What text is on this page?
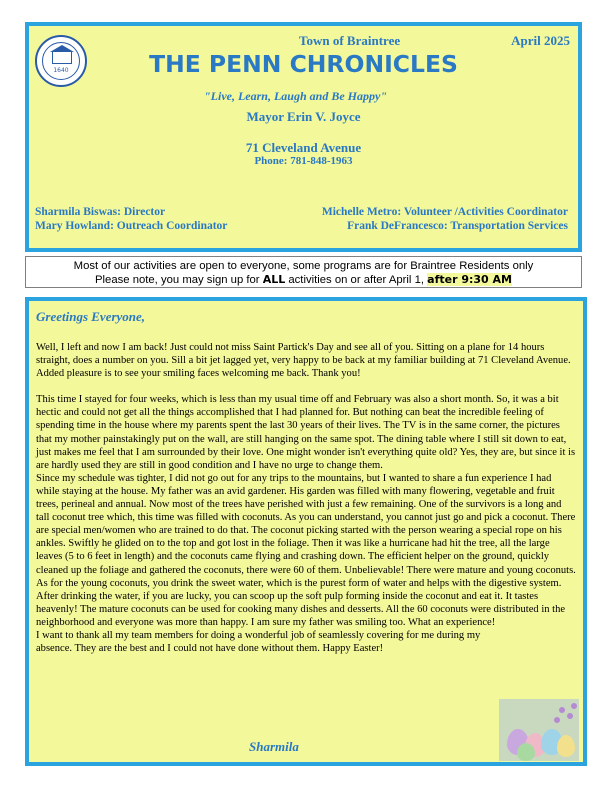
1640
Town of Braintree	April 2025
THE PENN CHRONICLES
"Live, Learn, Laugh and Be Happy"
Mayor Erin V. Joyce
71 Cleveland Avenue
Phone: 781-848-1963
Sharmila Biswas: Director
Mary Howland: Outreach Coordinator
Michelle Metro: Volunteer /Activities Coordinator
Frank DeFrancesco: Transportation Services
Most of our activities are open to everyone, some programs are for Braintree Residents only
Please note, you may sign up for ALL activities on or after April 1, after 9:30 AM
Greetings Everyone,

Well, I left and now I am back! Just could not miss Saint Partick's Day and see all of you. Sitting on a plane for 14 hours straight, does a number on you. Sill a bit jet lagged yet, very happy to be back at my familiar building at 71 Cleveland Avenue. Added pleasure is to see your smiling faces welcoming me back. Thank you!

This time I stayed for four weeks, which is less than my usual time off and February was also a short month. So, it was a bit hectic and could not get all the things accomplished that I had planned for. But nothing can beat the incredible feeling of spending time in the house where my parents spent the last 30 years of their lives. The TV is in the same corner, the pictures that my mother painstakingly put on the wall, are still hanging on the same spot. The dining table where I still sit down to eat, just makes me feel that I am surrounded by their love. One might wonder isn't everything quite old? Yes, they are, but since it is are hardly used they are still in good condition and I have no urge to change them.

Since my schedule was tighter, I did not go out for any trips to the mountains, but I wanted to share a fun experience I had while staying at the house. My father was an avid gardener. His garden was filled with many flowering, vegetable and fruit trees, perineal and annual. Now most of the trees have perished with just a few remaining. One of the survivors is a long and tall coconut tree which, this time was filled with coconuts. As you can understand, you cannot just go and pick a coconut. There are special men/women who are trained to do that. The coconut picking started with the person wearing a special rope on his ankles. Swiftly he glided on to the top and got lost in the foliage. Then it was like a hurricane had hit the tree, all the large leaves (5 to 6 feet in length) and the coconuts came flying and crashing down. The efficient helper on the ground, quickly cleaned up the foliage and gathered the coconuts, there were 60 of them. Unbelievable! There were mature and young coconuts. As for the young coconuts, you drink the sweet water, which is the purest form of water and helps with the digestive system. After drinking the water, if you are lucky, you can scoop up the soft pulp forming inside the coconut and eat it. It tastes heavenly! The mature coconuts can be used for cooking many dishes and desserts. All the 60 coconuts were distributed in the neighborhood and everyone was more than happy. I am sure my father was smiling too. What an experience!

I want to thank all my team members for doing a wonderful job of seamlessly covering for me during my absence. They are the best and I could not have done without them. Happy Easter!

Sharmila
